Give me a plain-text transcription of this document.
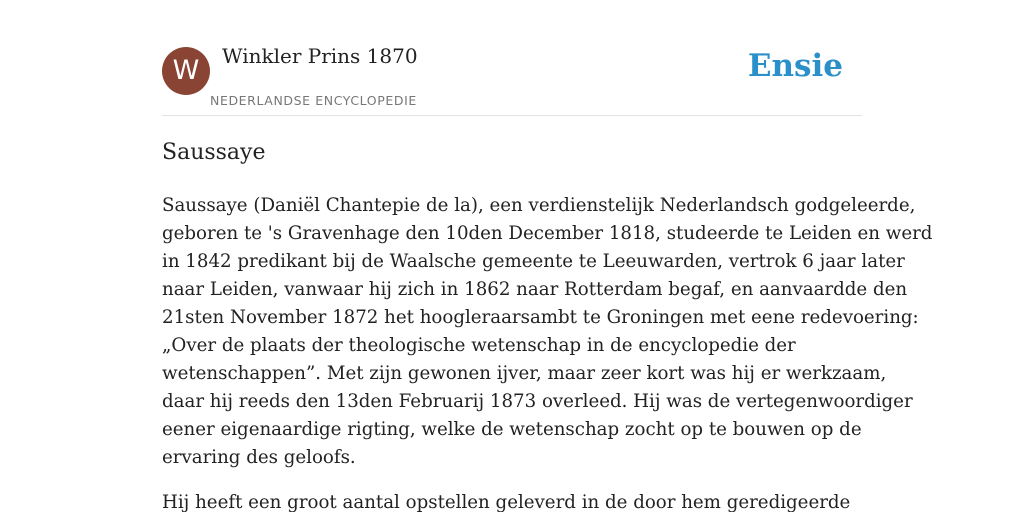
W	Winkler Prins 1870
NEDERLANDSE ENCYCLOPEDIE
Ensie
Saussaye

Saussaye (Daniël Chantepie de la), een verdienstelijk Nederlandsch godgeleerde,
geboren te 's Gravenhage den 10den December 1818, studeerde te Leiden en werd
in 1842 predikant bij de Waalsche gemeente te Leeuwarden, vertrok 6 jaar later
naar Leiden, vanwaar hij zich in 1862 naar Rotterdam begaf, en aanvaardde den
21sten November 1872 het hoogleraarsambt te Groningen met eene redevoering:
„Over de plaats der theologische wetenschap in de encyclopedie der
wetenschappen”. Met zijn gewonen ijver, maar zeer kort was hij er werkzaam,
daar hij reeds den 13den Februarij 1873 overleed. Hij was de vertegenwoordiger
eener eigenaardige rigting, welke de wetenschap zocht op te bouwen op de
ervaring des geloofs.

Hij heeft een groot aantal opstellen geleverd in de door hem geredigeerde
